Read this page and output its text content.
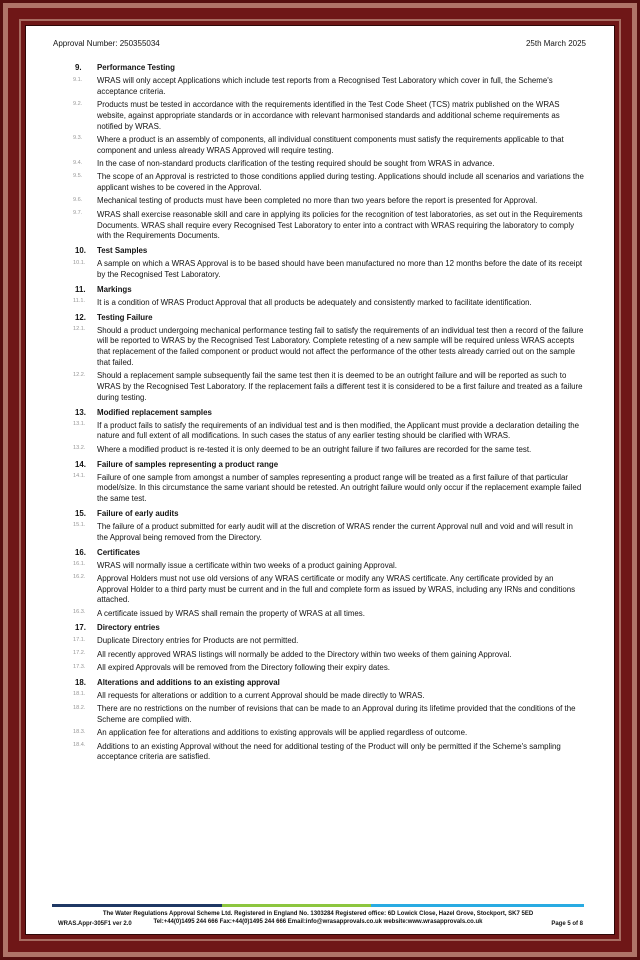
Approval Number: 250355034	25th March 2025
9.	Performance Testing
9.1. WRAS will only accept Applications which include test reports from a Recognised Test Laboratory which cover in full, the Scheme's acceptance criteria.
9.2. Products must be tested in accordance with the requirements identified in the Test Code Sheet (TCS) matrix published on the WRAS website, against appropriate standards or in accordance with relevant harmonised standards and additional scheme requirements as notified by WRAS.
9.3. Where a product is an assembly of components, all individual constituent components must satisfy the requirements applicable to that component and unless already WRAS Approved will require testing.
9.4. In the case of non-standard products clarification of the testing required should be sought from WRAS in advance.
9.5. The scope of an Approval is restricted to those conditions applied during testing. Applications should include all scenarios and variations the applicant wishes to be covered in the Approval.
9.6. Mechanical testing of products must have been completed no more than two years before the report is presented for Approval.
9.7. WRAS shall exercise reasonable skill and care in applying its policies for the recognition of test laboratories, as set out in the Requirements Documents. WRAS shall require every Recognised Test Laboratory to enter into a contract with WRAS requiring the laboratory to comply with the Requirements Documents.
10.	Test Samples
10.1. A sample on which a WRAS Approval is to be based should have been manufactured no more than 12 months before the date of its receipt by the Recognised Test Laboratory.
11.	Markings
11.1. It is a condition of WRAS Product Approval that all products be adequately and consistently marked to facilitate identification.
12.	Testing Failure
12.1. Should a product undergoing mechanical performance testing fail to satisfy the requirements of an individual test then a record of the failure will be reported to WRAS by the Recognised Test Laboratory. Complete retesting of a new sample will be required unless WRAS accepts that replacement of the failed component or product would not affect the performance of the other tests already carried out on the sample that failed.
12.2. Should a replacement sample subsequently fail the same test then it is deemed to be an outright failure and will be reported as such to WRAS by the Recognised Test Laboratory. If the replacement fails a different test it is considered to be a first failure and treated as a failure during testing.
13.	Modified replacement samples
13.1. If a product fails to satisfy the requirements of an individual test and is then modified, the Applicant must provide a declaration detailing the nature and full extent of all modifications. In such cases the status of any earlier testing should be clarified with WRAS.
13.2. Where a modified product is re-tested it is only deemed to be an outright failure if two failures are recorded for the same test.
14.	Failure of samples representing a product range
14.1. Failure of one sample from amongst a number of samples representing a product range will be treated as a first failure of that particular model/size. In this circumstance the same variant should be retested. An outright failure would only occur if the replacement example failed the same test.
15.	Failure of early audits
15.1. The failure of a product submitted for early audit will at the discretion of WRAS render the current Approval null and void and will result in the Approval being removed from the Directory.
16.	Certificates
16.1. WRAS will normally issue a certificate within two weeks of a product gaining Approval.
16.2. Approval Holders must not use old versions of any WRAS certificate or modify any WRAS certificate. Any certificate provided by an Approval Holder to a third party must be current and in the full and complete form as issued by WRAS, including any IRNs and conditions attached.
16.3. A certificate issued by WRAS shall remain the property of WRAS at all times.
17.	Directory entries
17.1. Duplicate Directory entries for Products are not permitted.
17.2. All recently approved WRAS listings will normally be added to the Directory within two weeks of them gaining Approval.
17.3. All expired Approvals will be removed from the Directory following their expiry dates.
18.	Alterations and additions to an existing approval
18.1. All requests for alterations or addition to a current Approval should be made directly to WRAS.
18.2. There are no restrictions on the number of revisions that can be made to an Approval during its lifetime provided that the conditions of the Scheme are complied with.
18.3. An application fee for alterations and additions to existing approvals will be applied regardless of outcome.
18.4. Additions to an existing Approval without the need for additional testing of the Product will only be permitted if the Scheme's sampling acceptance criteria are satisfied.
The Water Regulations Approval Scheme Ltd. Registered in England No. 1303284 Registered office: 6D Lowick Close, Hazel Grove, Stockport, SK7 5ED
Tel:+44(0)1495 244 666 Fax:+44(0)1495 244 666 Email:info@wrasapprovals.co.uk website:www.wrasapprovals.co.uk
WRAS.Appr-305F1 ver 2.0	Page 5 of 8
